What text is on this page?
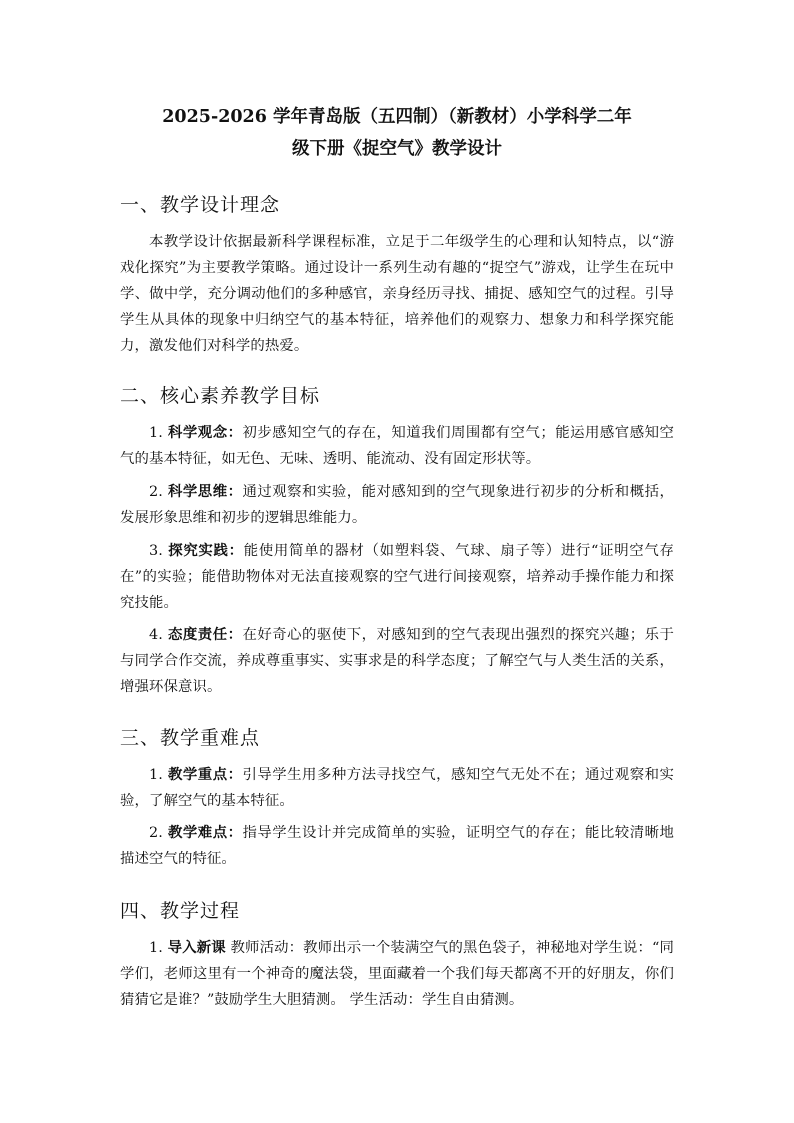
2025-2026 学年青岛版（五四制）（新教材）小学科学二年
级下册《捉空气》教学设计
一、教学设计理念
本教学设计依据最新科学课程标准，立足于二年级学生的心理和认知特点，以“游戏化探究”为主要教学策略。通过设计一系列生动有趣的“捉空气”游戏，让学生在玩中学、做中学，充分调动他们的多种感官，亲身经历寻找、捕捉、感知空气的过程。引导学生从具体的现象中归纳空气的基本特征，培养他们的观察力、想象力和科学探究能力，激发他们对科学的热爱。
二、核心素养教学目标
1. 科学观念：初步感知空气的存在，知道我们周围都有空气；能运用感官感知空气的基本特征，如无色、无味、透明、能流动、没有固定形状等。
2. 科学思维：通过观察和实验，能对感知到的空气现象进行初步的分析和概括，发展形象思维和初步的逻辑思维能力。
3. 探究实践：能使用简单的器材（如塑料袋、气球、扇子等）进行“证明空气存在”的实验；能借助物体对无法直接观察的空气进行间接观察，培养动手操作能力和探究技能。
4. 态度责任：在好奇心的驱使下，对感知到的空气表现出强烈的探究兴趣；乐于与同学合作交流，养成尊重事实、实事求是的科学态度；了解空气与人类生活的关系，增强环保意识。
三、教学重难点
1. 教学重点：引导学生用多种方法寻找空气，感知空气无处不在；通过观察和实验，了解空气的基本特征。
2. 教学难点：指导学生设计并完成简单的实验，证明空气的存在；能比较清晰地描述空气的特征。
四、教学过程
1. 导入新课 教师活动：教师出示一个装满空气的黑色袋子，神秘地对学生说：“同学们，老师这里有一个神奇的魔法袋，里面藏着一个我们每天都离不开的好朋友，你们猜猜它是谁？”鼓励学生大胆猜测。 学生活动：学生自由猜测。
